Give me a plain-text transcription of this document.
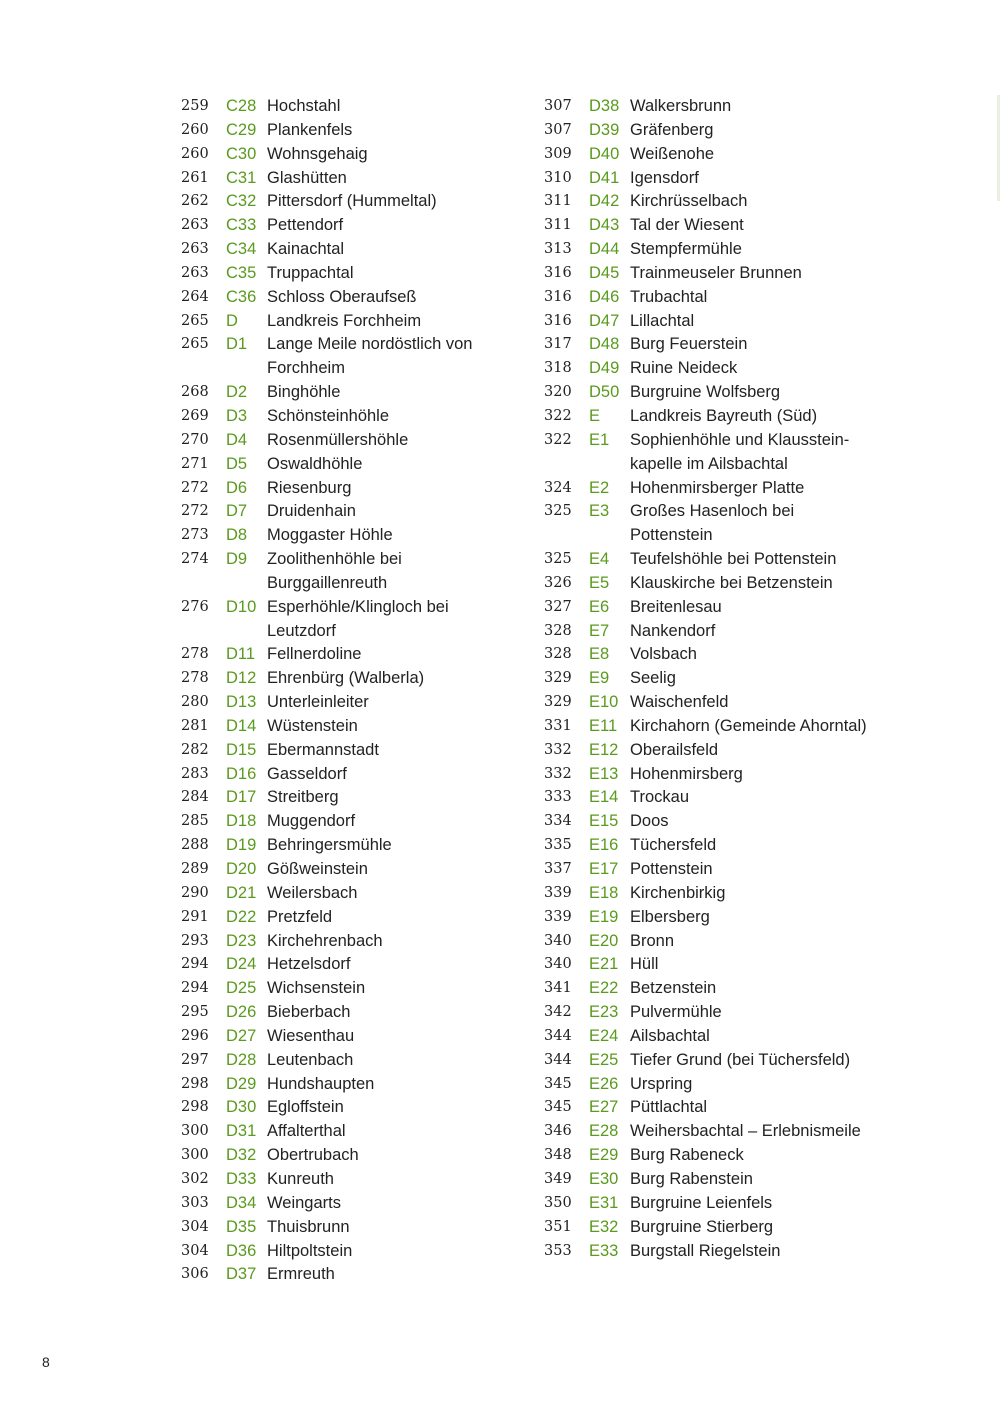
259	C28 Hochstahl
260	C29 Plankenfels
260	C30 Wohnsgehaig
261	C31 Glashütten
262	C32 Pittersdorf (Hummeltal)
263	C33 Pettendorf
263	C34 Kainachtal
263	C35 Truppachtal
264	C36 Schloss Oberaufseß
265	D	Landkreis Forchheim
265	D1	Lange Meile nordöstlich von Forchheim
268	D2	Binghöhle
269	D3	Schönsteinhöhle
270	D4	Rosenmüllershöhle
271	D5	Oswaldhöhle
272	D6	Riesenburg
272	D7	Druidenhain
273	D8	Moggaster Höhle
274	D9	Zoolithenhöhle bei Burggaillenreuth
276	D10 Esperhöhle/Klingloch bei Leutzdorf
278	D11 Fellnerdoline
278	D12 Ehrenbürg (Walberla)
280	D13 Unterleinleiter
281	D14 Wüstenstein
282	D15 Ebermannstadt
283	D16 Gasseldorf
284	D17 Streitberg
285	D18 Muggendorf
288	D19 Behringersmühle
289	D20 Gößweinstein
290	D21 Weilersbach
291	D22 Pretzfeld
293	D23 Kirchehrenbach
294	D24 Hetzelsdorf
294	D25 Wichsenstein
295	D26 Bieberbach
296	D27 Wiesenthau
297	D28 Leutenbach
298	D29 Hundshaupten
298	D30 Egloffstein
300	D31 Affalterthal
300	D32 Obertrubach
302	D33 Kunreuth
303	D34 Weingarts
304	D35 Thuisbrunn
304	D36 Hiltpoltstein
306	D37 Ermreuth
307	D38 Walkersbrunn
307	D39 Gräfenberg
309	D40 Weißenohe
310	D41 Igensdorf
311	D42 Kirchrüsselbach
311	D43 Tal der Wiesent
313	D44 Stempfermühle
316	D45 Trainmeuseler Brunnen
316	D46 Trubachtal
316	D47 Lillachtal
317	D48 Burg Feuerstein
318	D49 Ruine Neideck
320	D50 Burgruine Wolfsberg
322	E	Landkreis Bayreuth (Süd)
322	E1	Sophienhöhle und Klausstein-kapelle im Ailsbachtal
324	E2	Hohenmirsberger Platte
325	E3	Großes Hasenloch bei Pottenstein
325	E4	Teufelshöhle bei Pottenstein
326	E5	Klauskirche bei Betzenstein
327	E6	Breitenlesau
328	E7	Nankendorf
328	E8	Volsbach
329	E9	Seelig
329	E10 Waischenfeld
331	E11 Kirchahorn (Gemeinde Ahorntal)
332	E12 Oberailsfeld
332	E13 Hohenmirsberg
333	E14 Trockau
334	E15 Doos
335	E16 Tüchersfeld
337	E17 Pottenstein
339	E18 Kirchenbirkig
339	E19 Elbersberg
340	E20 Bronn
340	E21 Hüll
341	E22 Betzenstein
342	E23 Pulvermühle
344	E24 Ailsbachtal
344	E25 Tiefer Grund (bei Tüchersfeld)
345	E26 Urspring
345	E27 Püttlachtal
346	E28 Weihersbachtal – Erlebnismeile
348	E29 Burg Rabeneck
349	E30 Burg Rabenstein
350	E31 Burgruine Leienfels
351	E32 Burgruine Stierberg
353	E33 Burgstall Riegelstein
8
